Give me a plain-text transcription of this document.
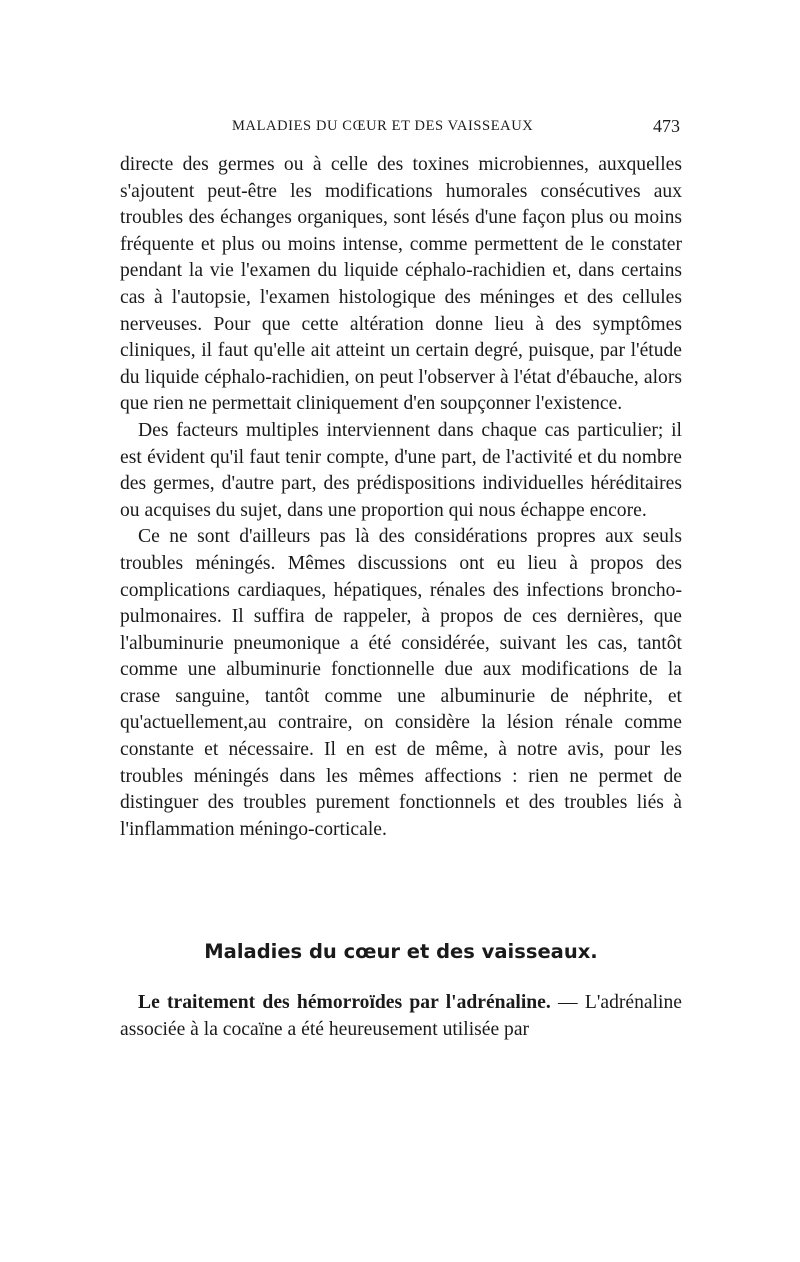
MALADIES DU CŒUR ET DES VAISSEAUX	473

directe des germes ou à celle des toxines microbiennes, auxquelles s'ajoutent peut-être les modifications humorales consécutives aux troubles des échanges organiques, sont lésés d'une façon plus ou moins fréquente et plus ou moins intense, comme permettent de le constater pendant la vie l'examen du liquide céphalo-rachidien et, dans certains cas à l'autopsie, l'examen histologique des méninges et des cellules nerveuses. Pour que cette altération donne lieu à des symptômes cliniques, il faut qu'elle ait atteint un certain degré, puisque, par l'étude du liquide céphalo-rachidien, on peut l'observer à l'état d'ébauche, alors que rien ne permettait cliniquement d'en soupçonner l'existence.

Des facteurs multiples interviennent dans chaque cas particulier; il est évident qu'il faut tenir compte, d'une part, de l'activité et du nombre des germes, d'autre part, des prédispositions individuelles héréditaires ou acquises du sujet, dans une proportion qui nous échappe encore.

Ce ne sont d'ailleurs pas là des considérations propres aux seuls troubles méningés. Mêmes discussions ont eu lieu à propos des complications cardiaques, hépatiques, rénales des infections broncho-pulmonaires. Il suffira de rappeler, à propos de ces dernières, que l'albuminurie pneumonique a été considérée, suivant les cas, tantôt comme une albuminurie fonctionnelle due aux modifications de la crase sanguine, tantôt comme une albuminurie de néphrite, et qu'actuellement,au contraire, on considère la lésion rénale comme constante et nécessaire. Il en est de même, à notre avis, pour les troubles méningés dans les mêmes affections : rien ne permet de distinguer des troubles purement fonctionnels et des troubles liés à l'inflammation méningo-corticale.

Maladies du cœur et des vaisseaux.

Le traitement des hémorroïdes par l'adrénaline. — L'adrénaline associée à la cocaïne a été heureusement utilisée par
